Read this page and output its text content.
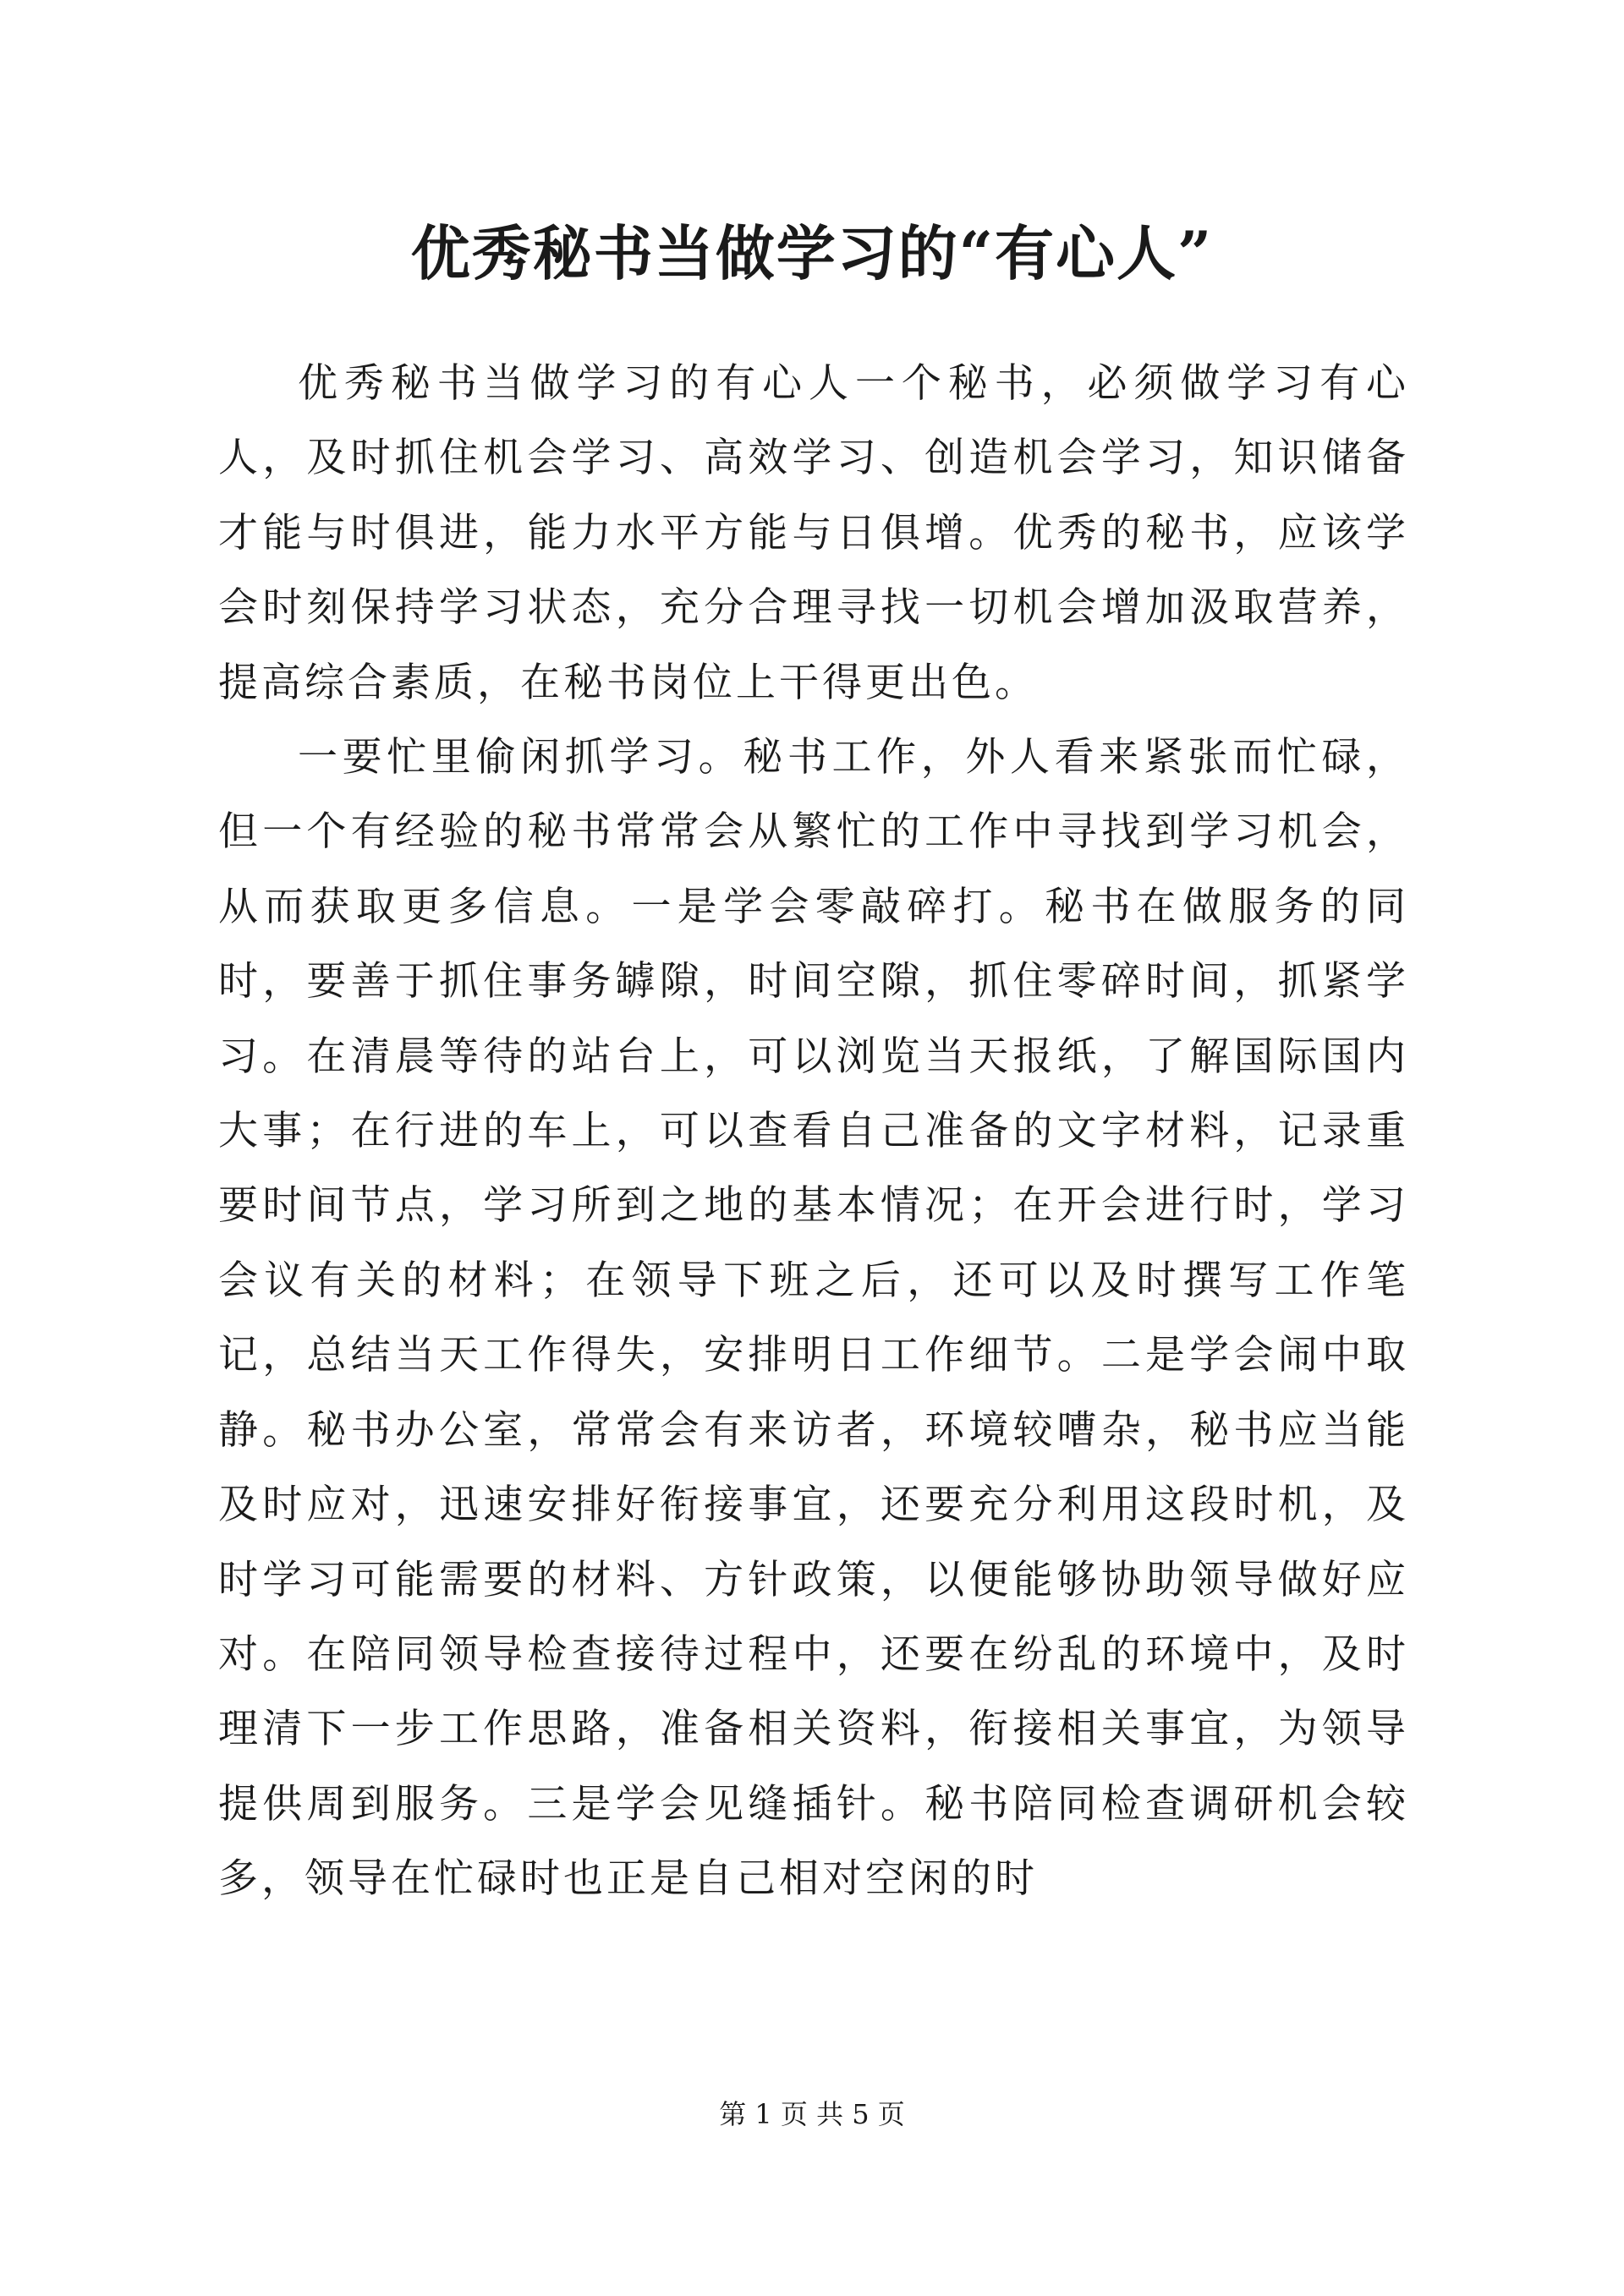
优秀秘书当做学习的“有心人”

优秀秘书当做学习的有心人一个秘书，必须做学习有心人，及时抓住机会学习、高效学习、创造机会学习，知识储备才能与时俱进，能力水平方能与日俱增。优秀的秘书，应该学会时刻保持学习状态，充分合理寻找一切机会增加汲取营养，提高综合素质，在秘书岗位上干得更出色。

一要忙里偷闲抓学习。秘书工作，外人看来紧张而忙碌，但一个有经验的秘书常常会从繁忙的工作中寻找到学习机会，从而获取更多信息。一是学会零敲碎打。秘书在做服务的同时，要善于抓住事务罅隙，时间空隙，抓住零碎时间，抓紧学习。在清晨等待的站台上，可以浏览当天报纸，了解国际国内大事；在行进的车上，可以查看自己准备的文字材料，记录重要时间节点，学习所到之地的基本情况；在开会进行时，学习会议有关的材料；在领导下班之后，还可以及时撰写工作笔记，总结当天工作得失，安排明日工作细节。二是学会闹中取静。秘书办公室，常常会有来访者，环境较嘈杂，秘书应当能及时应对，迅速安排好衔接事宜，还要充分利用这段时机，及时学习可能需要的材料、方针政策，以便能够协助领导做好应对。在陪同领导检查接待过程中，还要在纷乱的环境中，及时理清下一步工作思路，准备相关资料，衔接相关事宜，为领导提供周到服务。三是学会见缝插针。秘书陪同检查调研机会较多，领导在忙碌时也正是自己相对空闲的时

第 1 页 共 5 页
